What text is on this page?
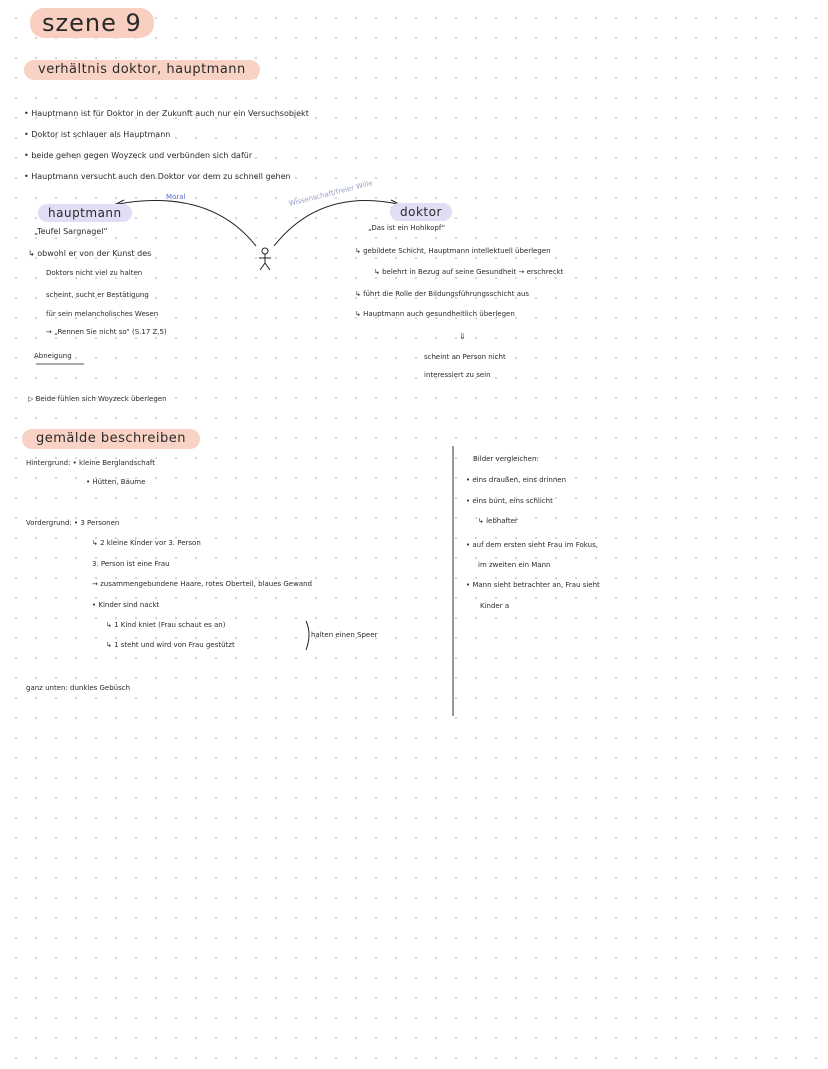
szene 9
verhältnis doktor, hauptmann
• Hauptmann ist für Doktor in der Zukunft auch nur ein Versuchsobjekt
• Doktor ist schlauer als Hauptmann
• beide gehen gegen Woyzeck und verbünden sich dafür
• Hauptmann versucht auch den Doktor vor dem zu schnell gehen
Moral	Wissenschaft/freier Wille
hauptmann
„Teufel Sargnagel“
↳ obwohl er von der Kunst des
Doktors nicht viel zu halten
scheint, sucht er Bestätigung
für sein melancholisches Wesen
→ „Rennen Sie nicht so“ (S.17 Z.5)
Abneigung
doktor
„Das ist ein Hohlkopf“
↳ gebildete Schicht, Hauptmann intellektuell überlegen
↳ belehrt in Bezug auf seine Gesundheit → erschreckt
↳ führt die Rolle der Bildungsführungsschicht aus
↳ Hauptmann auch gesundheitlich überlegen
⇓
scheint an Person nicht
interessiert zu sein
▷ Beide fühlen sich Woyzeck überlegen
gemälde beschreiben
Hintergrund: • kleine Berglandschaft
• Hütten, Bäume
Vordergrund: • 3 Personen
↳ 2 kleine Kinder vor 3. Person
3. Person ist eine Frau
→ zusammengebundene Haare, rotes Oberteil, blaues Gewand
• Kinder sind nackt
↳ 1 Kind kniet (Frau schaut es an)
↳ 1 steht und wird von Frau gestützt
halten einen Speer
ganz unten: dunkles Gebüsch
Bilder vergleichen:
• eins draußen, eins drinnen
• eins bunt, eins schlicht
↳ lebhafter
• auf dem ersten sieht Frau im Fokus,
im zweiten ein Mann
• Mann sieht betrachter an, Frau sieht
Kinder a
